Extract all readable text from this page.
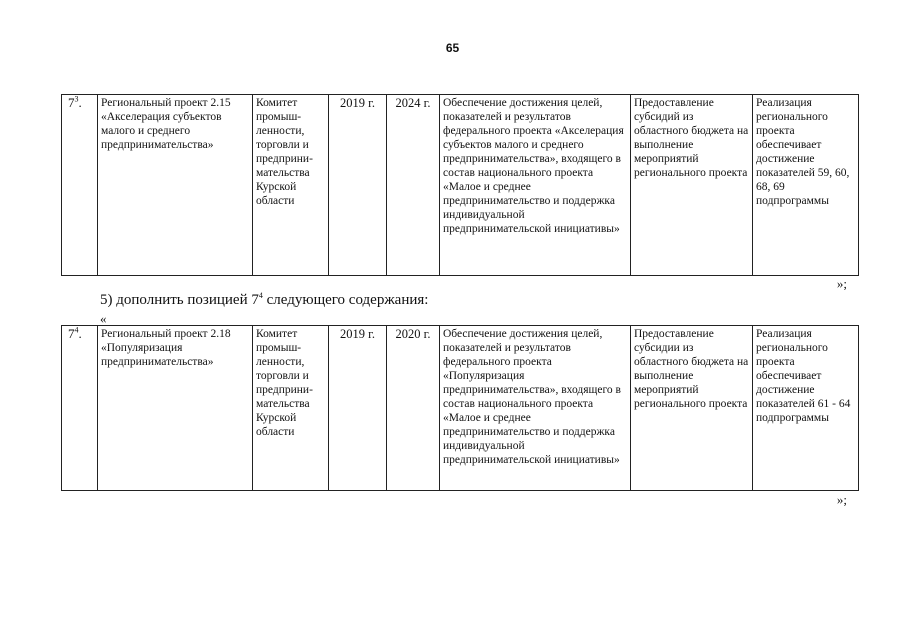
65
$7^3$.	Региональный проект 2.15 «Акселерация субъектов малого и среднего предпринимательства»	Комитет промыш-ленности, торговли и предприни-мательства Курской области	2019 г.	2024 г.	Обеспечение достижения целей, показателей и результатов федерального проекта «Акселерация субъектов малого и среднего предпринимательства», входящего в состав национального проекта «Малое и среднее предпринимательство и поддержка индивидуальной предпринимательской инициативы»	Предоставление субсидий из областного бюджета на выполнение мероприятий регионального проекта	Реализация регионального проекта обеспечивает достижение показателей 59, 60, 68, 69 подпрограммы
»;
5) дополнить позицией $7^4$ следующего содержания:
«
$7^4$.	Региональный проект 2.18 «Популяризация предпринимательства»	Комитет промыш-ленности, торговли и предприни-мательства Курской области	2019 г.	2020 г.	Обеспечение достижения целей, показателей и результатов федерального проекта «Популяризация предпринимательства», входящего в состав национального проекта «Малое и среднее предпринимательство и поддержка индивидуальной предпринимательской инициативы»	Предоставление субсидии из областного бюджета на выполнение мероприятий регионального проекта	Реализация регионального проекта обеспечивает достижение показателей 61 - 64 подпрограммы
»;
